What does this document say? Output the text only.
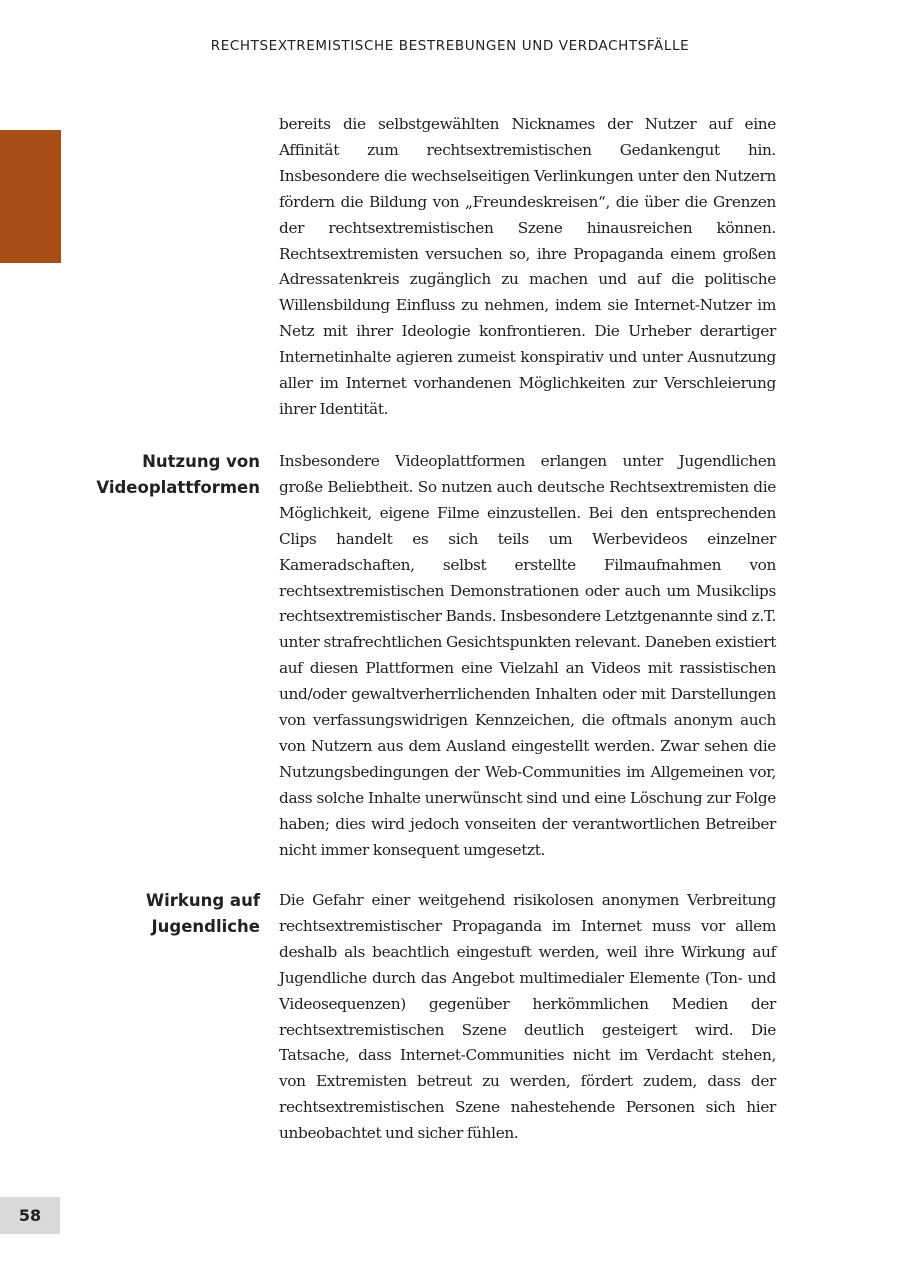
RECHTSEXTREMISTISCHE BESTREBUNGEN UND VERDACHTSFÄLLE

bereits die selbstgewählten Nicknames der Nutzer auf eine Affinität zum rechtsextremistischen Gedankengut hin. Insbesondere die wechselseitigen Verlinkungen unter den Nutzern fördern die Bildung von „Freundeskreisen“, die über die Grenzen der rechtsextremistischen Szene hinausreichen können. Rechtsextremisten versuchen so, ihre Propaganda einem großen Adressatenkreis zugänglich zu machen und auf die politische Willensbildung Einfluss zu nehmen, indem sie Internet-Nutzer im Netz mit ihrer Ideologie konfrontieren. Die Urheber derartiger Internetinhalte agieren zumeist konspirativ und unter Ausnutzung aller im Internet vorhandenen Möglichkeiten zur Verschleierung ihrer Identität.

Nutzung von
Videoplattformen

Insbesondere Videoplattformen erlangen unter Jugendlichen große Beliebtheit. So nutzen auch deutsche Rechtsextremisten die Möglichkeit, eigene Filme einzustellen. Bei den entsprechenden Clips handelt es sich teils um Werbevideos einzelner Kameradschaften, selbst erstellte Filmaufnahmen von rechtsextremistischen Demonstrationen oder auch um Musikclips rechtsextremistischer Bands. Insbesondere Letztgenannte sind z.T. unter strafrechtlichen Gesichtspunkten relevant. Daneben existiert auf diesen Plattformen eine Vielzahl an Videos mit rassistischen und/oder gewaltverherrlichenden Inhalten oder mit Darstellungen von verfassungswidrigen Kennzeichen, die oftmals anonym auch von Nutzern aus dem Ausland eingestellt werden. Zwar sehen die Nutzungsbedingungen der Web-Communities im Allgemeinen vor, dass solche Inhalte unerwünscht sind und eine Löschung zur Folge haben; dies wird jedoch vonseiten der verantwortlichen Betreiber nicht immer konsequent umgesetzt.

Wirkung auf
Jugendliche

Die Gefahr einer weitgehend risikolosen anonymen Verbreitung rechtsextremistischer Propaganda im Internet muss vor allem deshalb als beachtlich eingestuft werden, weil ihre Wirkung auf Jugendliche durch das Angebot multimedialer Elemente (Ton- und Videosequenzen) gegenüber herkömmlichen Medien der rechtsextremistischen Szene deutlich gesteigert wird. Die Tatsache, dass Internet-Communities nicht im Verdacht stehen, von Extremisten betreut zu werden, fördert zudem, dass der rechtsextremistischen Szene nahestehende Personen sich hier unbeobachtet und sicher fühlen.

58
